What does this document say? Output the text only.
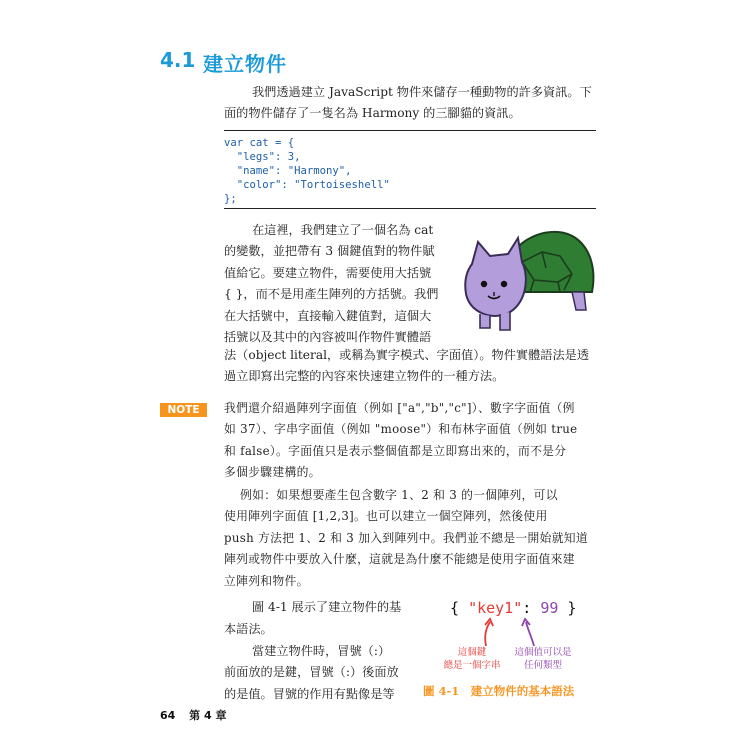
4.1 建立物件
我們透過建立 JavaScript 物件來儲存一種動物的許多資訊。下
面的物件儲存了一隻名為 Harmony 的三腳貓的資訊。
var cat = {
"legs": 3,
"name": "Harmony",
"color": "Tortoiseshell"
};
在這裡，我們建立了一個名為 cat
的變數，並把帶有 3 個鍵值對的物件賦
值給它。要建立物件，需要使用大括號
{ }，而不是用產生陣列的方括號。我們
在大括號中，直接輸入鍵值對，這個大
括號以及其中的內容被叫作物件實體語
法（object literal，或稱為實字模式、字面值）。物件實體語法是透
過立即寫出完整的內容來快速建立物件的一種方法。
NOTE	我們還介紹過陣列字面值（例如 ["a","b","c"]）、數字字面值（例
如 37）、字串字面值（例如 "moose"）和布林字面值（例如 true
和 false）。字面值只是表示整個值都是立即寫出來的，而不是分
多個步驟建構的。
例如：如果想要產生包含數字 1、2 和 3 的一個陣列，可以
使用陣列字面值 [1,2,3]。也可以建立一個空陣列，然後使用
push 方法把 1、2 和 3 加入到陣列中。我們並不總是一開始就知道
陣列或物件中要放入什麼，這就是為什麼不能總是使用字面值來建
立陣列和物件。
圖 4-1 展示了建立物件的基
本語法。
當建立物件時，冒號（:）
前面放的是鍵，冒號（:）後面放
的是值。冒號的作用有點像是等
{ "key1": 99 }
這個鍵
總是一個字串
這個值可以是
任何類型
圖 4-1　建立物件的基本語法
64 第 4 章
